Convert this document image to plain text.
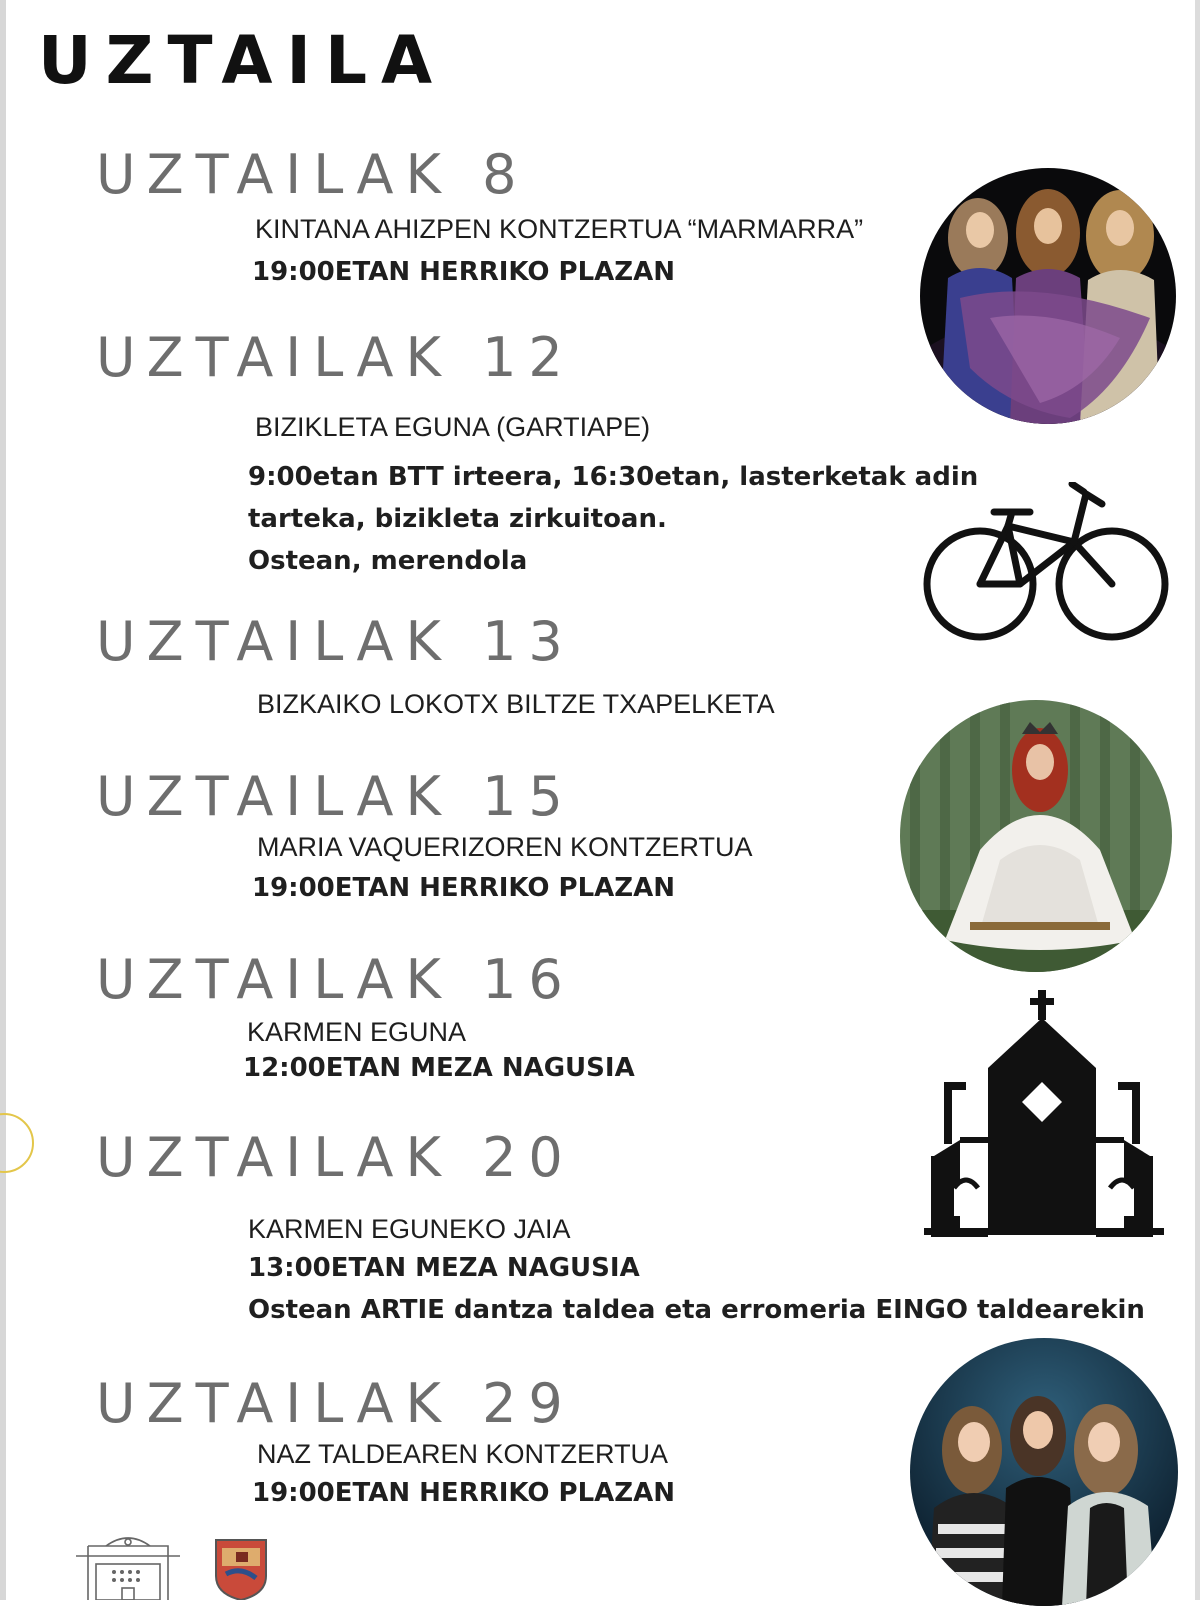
UZTAILA
UZTAILAK 8
KINTANA AHIZPEN KONTZERTUA “MARMARRA”
19:00ETAN HERRIKO PLAZAN
UZTAILAK 12
BIZIKLETA EGUNA (GARTIAPE)
9:00etan BTT irteera, 16:30etan, lasterketak adin
tarteka, bizikleta zirkuitoan.
Ostean, merendola
UZTAILAK 13
BIZKAIKO LOKOTX BILTZE TXAPELKETA
UZTAILAK 15
MARIA VAQUERIZOREN KONTZERTUA
19:00ETAN HERRIKO PLAZAN
UZTAILAK 16
KARMEN EGUNA
12:00ETAN MEZA NAGUSIA
UZTAILAK 20
KARMEN EGUNEKO JAIA
13:00ETAN MEZA NAGUSIA
Ostean ARTIE dantza taldea eta erromeria EINGO taldearekin
UZTAILAK 29
NAZ TALDEAREN KONTZERTUA
19:00ETAN HERRIKO PLAZAN
